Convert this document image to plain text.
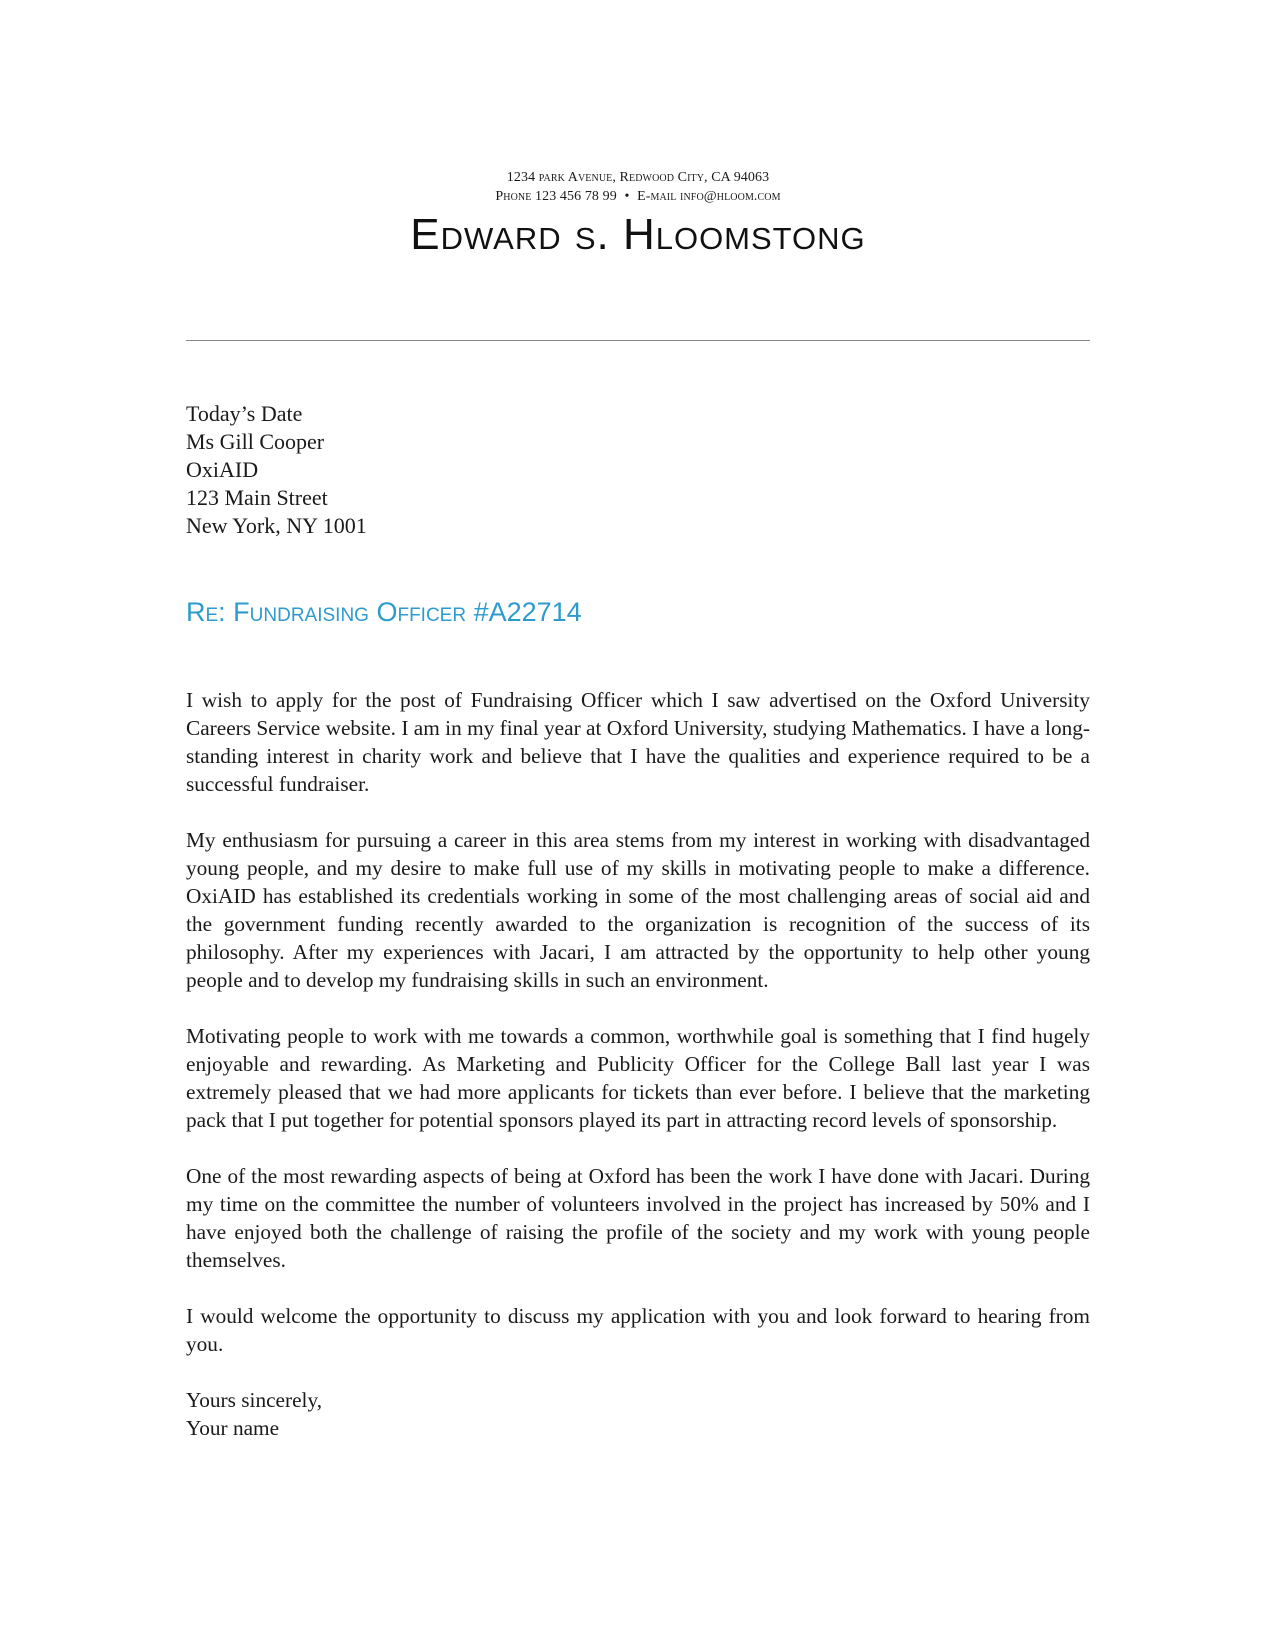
1234 park Avenue, Redwood City, CA 94063
Phone 123 456 78 99 • E-mail info@hloom.com
Edward s. Hloomstong
Today’s Date
Ms Gill Cooper
OxiAID
123 Main Street
New York, NY 1001
Re: Fundraising Officer #A22714

I wish to apply for the post of Fundraising Officer which I saw advertised on the Oxford University Careers Service website. I am in my final year at Oxford University, studying Mathematics. I have a long-standing interest in charity work and believe that I have the qualities and experience required to be a successful fundraiser.

My enthusiasm for pursuing a career in this area stems from my interest in working with disadvantaged young people, and my desire to make full use of my skills in motivating people to make a difference. OxiAID has established its credentials working in some of the most challenging areas of social aid and the government funding recently awarded to the organization is recognition of the success of its philosophy. After my experiences with Jacari, I am attracted by the opportunity to help other young people and to develop my fundraising skills in such an environment.

Motivating people to work with me towards a common, worthwhile goal is something that I find hugely enjoyable and rewarding. As Marketing and Publicity Officer for the College Ball last year I was extremely pleased that we had more applicants for tickets than ever before. I believe that the marketing pack that I put together for potential sponsors played its part in attracting record levels of sponsorship.

One of the most rewarding aspects of being at Oxford has been the work I have done with Jacari. During my time on the committee the number of volunteers involved in the project has increased by 50% and I have enjoyed both the challenge of raising the profile of the society and my work with young people themselves.

I would welcome the opportunity to discuss my application with you and look forward to hearing from you.

Yours sincerely,
Your name
